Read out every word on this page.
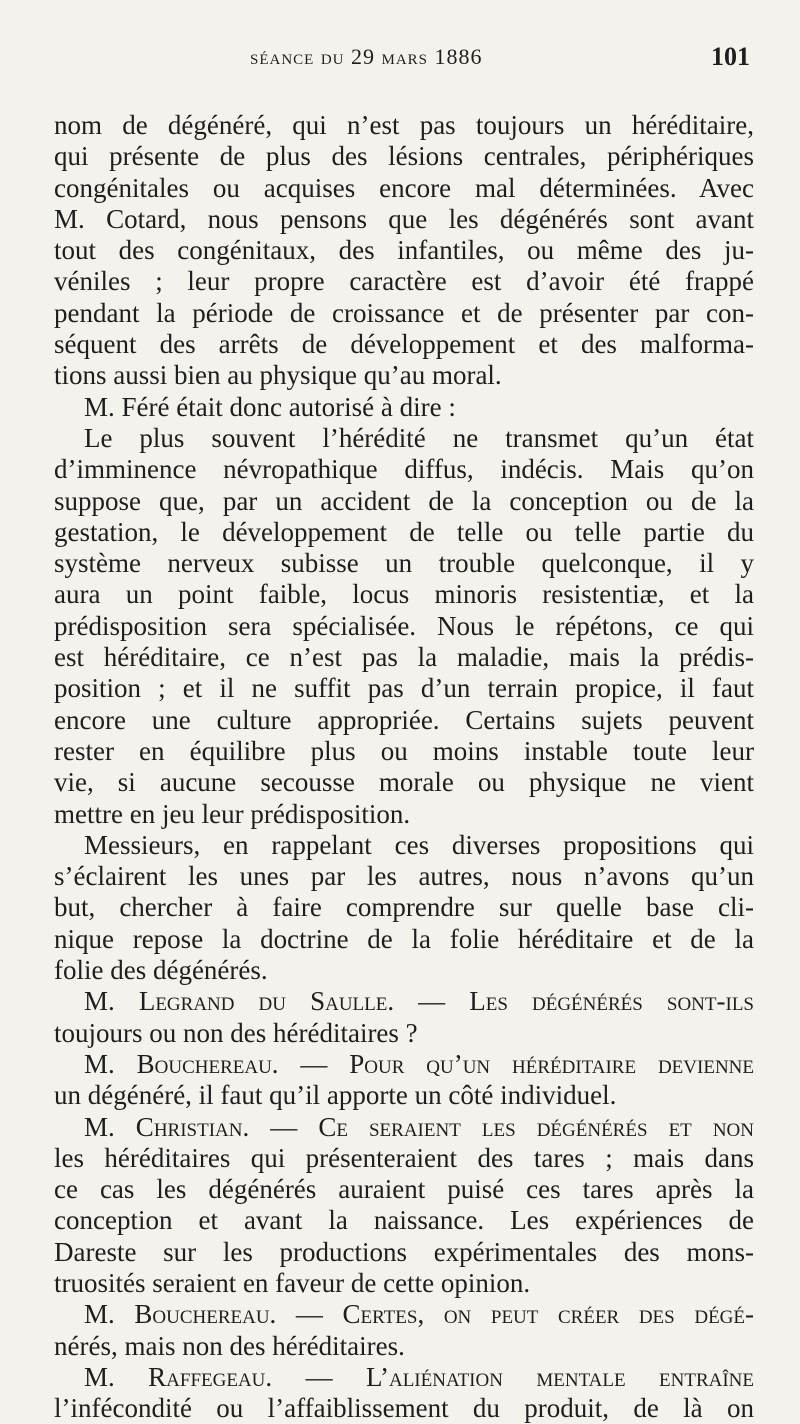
séance du 29 mars 1886	101
nom de dégénéré, qui n’est pas toujours un héréditaire,
qui présente de plus des lésions centrales, périphériques
congénitales ou acquises encore mal déterminées. Avec
M. Cotard, nous pensons que les dégénérés sont avant
tout des congénitaux, des infantiles, ou même des ju-
véniles ; leur propre caractère est d’avoir été frappé
pendant la période de croissance et de présenter par con-
séquent des arrêts de développement et des malforma-
tions aussi bien au physique qu’au moral.
M. Féré était donc autorisé à dire :
Le plus souvent l’hérédité ne transmet qu’un état
d’imminence névropathique diffus, indécis. Mais qu’on
suppose que, par un accident de la conception ou de la
gestation, le développement de telle ou telle partie du
système nerveux subisse un trouble quelconque, il y
aura un point faible, locus minoris resistentiæ, et la
prédisposition sera spécialisée. Nous le répétons, ce qui
est héréditaire, ce n’est pas la maladie, mais la prédis-
position ; et il ne suffit pas d’un terrain propice, il faut
encore une culture appropriée. Certains sujets peuvent
rester en équilibre plus ou moins instable toute leur
vie, si aucune secousse morale ou physique ne vient
mettre en jeu leur prédisposition.
Messieurs, en rappelant ces diverses propositions qui
s’éclairent les unes par les autres, nous n’avons qu’un
but, chercher à faire comprendre sur quelle base cli-
nique repose la doctrine de la folie héréditaire et de la
folie des dégénérés.
M. Legrand du Saulle. — Les dégénérés sont-ils
toujours ou non des héréditaires ?
M. Bouchereau. — Pour qu’un héréditaire devienne
un dégénéré, il faut qu’il apporte un côté individuel.
M. Christian. — Ce seraient les dégénérés et non
les héréditaires qui présenteraient des tares ; mais dans
ce cas les dégénérés auraient puisé ces tares après la
conception et avant la naissance. Les expériences de
Dareste sur les productions expérimentales des mons-
truosités seraient en faveur de cette opinion.
M. Bouchereau. — Certes, on peut créer des dégé-
nérés, mais non des héréditaires.
M. Raffegeau. — L’aliénation mentale entraîne
l’infécondité ou l’affaiblissement du produit, de là on
